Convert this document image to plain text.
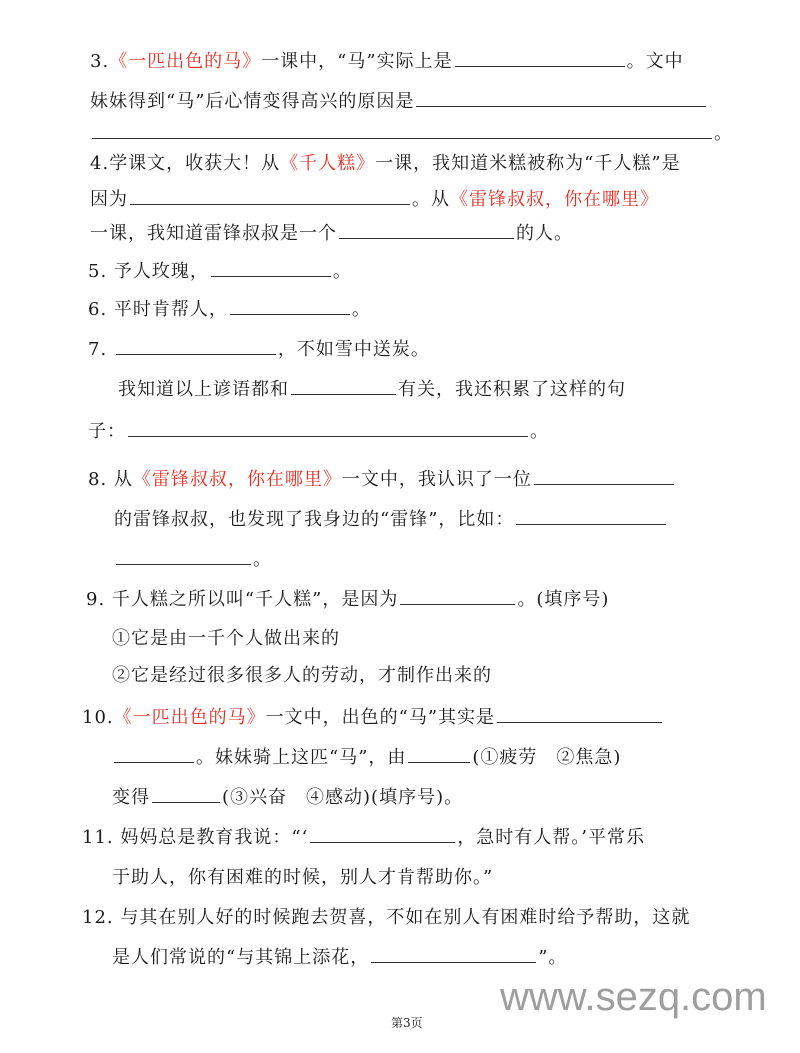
3.《一匹出色的马》一课中，“马”实际上是	。文中
妹妹得到“马”后心情变得高兴的原因是
。
4.学课文，收获大！从《千人糕》一课，我知道米糕被称为“千人糕”是
因为	。从《雷锋叔叔，你在哪里》
一课，我知道雷锋叔叔是一个	的人。
5. 予人玫瑰，	。
6. 平时肯帮人，	。
7.	，不如雪中送炭。
我知道以上谚语都和	有关，我还积累了这样的句
子：	。
8. 从《雷锋叔叔，你在哪里》一文中，我认识了一位
的雷锋叔叔，也发现了我身边的“雷锋”，比如：
。
9. 千人糕之所以叫“千人糕”，是因为	。(填序号)
①它是由一千个人做出来的
②它是经过很多很多人的劳动，才制作出来的
10.《一匹出色的马》一文中，出色的“马”其实是
。妹妹骑上这匹“马”，由	(①疲劳　②焦急)
变得	(③兴奋　④感动)(填序号)。
11. 妈妈总是教育我说：“‘	，急时有人帮。’平常乐
于助人，你有困难的时候，别人才肯帮助你。”
12. 与其在别人好的时候跑去贺喜，不如在别人有困难时给予帮助，这就
是人们常说的“与其锦上添花，	”。
www.sezq.com
第3页
